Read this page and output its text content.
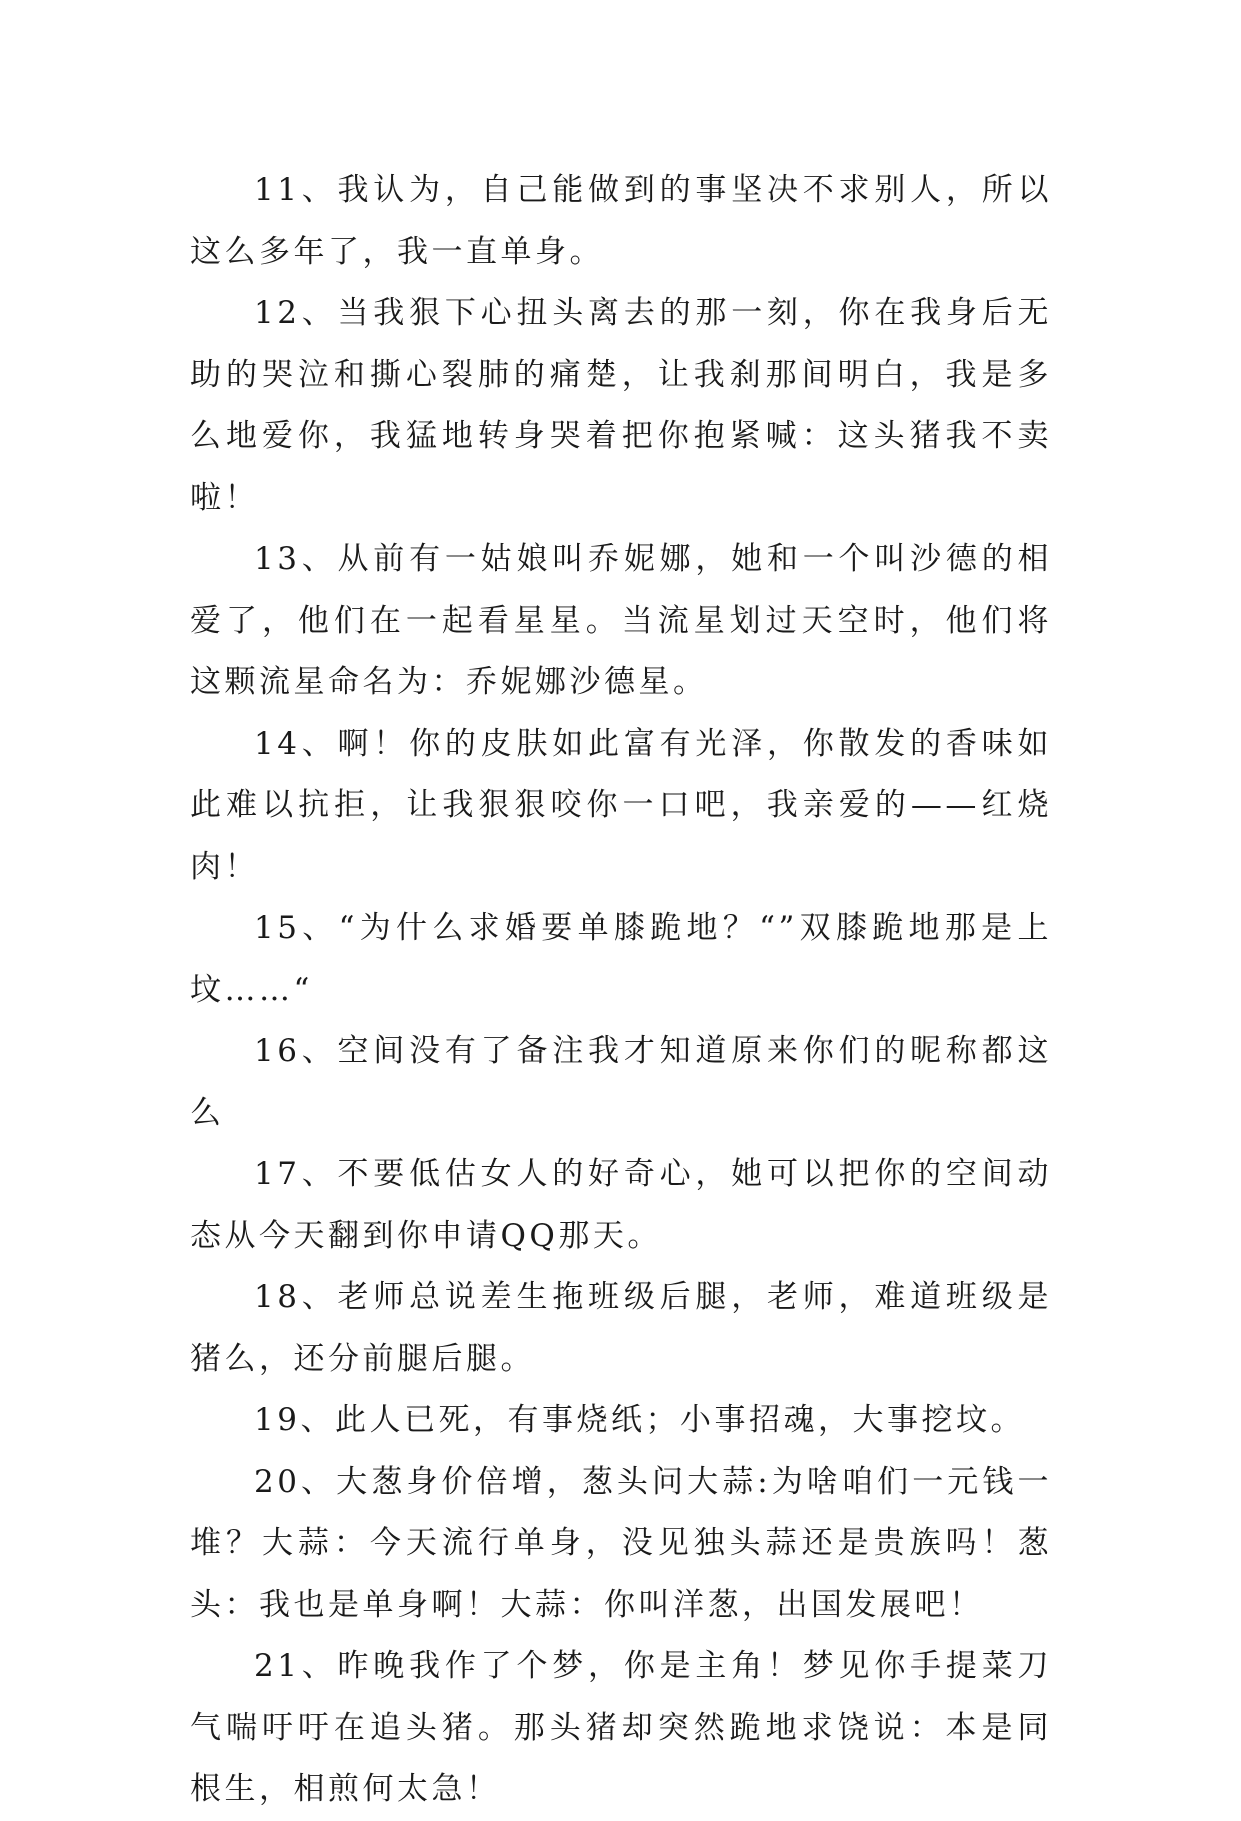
11、我认为，自己能做到的事坚决不求别人，所以这么多年了，我一直单身。

12、当我狠下心扭头离去的那一刻，你在我身后无助的哭泣和撕心裂肺的痛楚，让我刹那间明白，我是多么地爱你，我猛地转身哭着把你抱紧喊：这头猪我不卖啦！

13、从前有一姑娘叫乔妮娜，她和一个叫沙德的相爱了，他们在一起看星星。当流星划过天空时，他们将这颗流星命名为：乔妮娜沙德星。

14、啊！你的皮肤如此富有光泽，你散发的香味如此难以抗拒，让我狠狠咬你一口吧，我亲爱的——红烧肉！

15、“为什么求婚要单膝跪地？“”双膝跪地那是上坟……“

16、空间没有了备注我才知道原来你们的昵称都这么

17、不要低估女人的好奇心，她可以把你的空间动态从今天翻到你申请QQ那天。

18、老师总说差生拖班级后腿，老师，难道班级是猪么，还分前腿后腿。

19、此人已死，有事烧纸；小事招魂，大事挖坟。

20、大葱身价倍增，葱头问大蒜:为啥咱们一元钱一堆？大蒜：今天流行单身，没见独头蒜还是贵族吗！葱头：我也是单身啊！大蒜：你叫洋葱，出国发展吧！

21、昨晚我作了个梦，你是主角！梦见你手提菜刀气喘吁吁在追头猪。那头猪却突然跪地求饶说：本是同根生，相煎何太急！
